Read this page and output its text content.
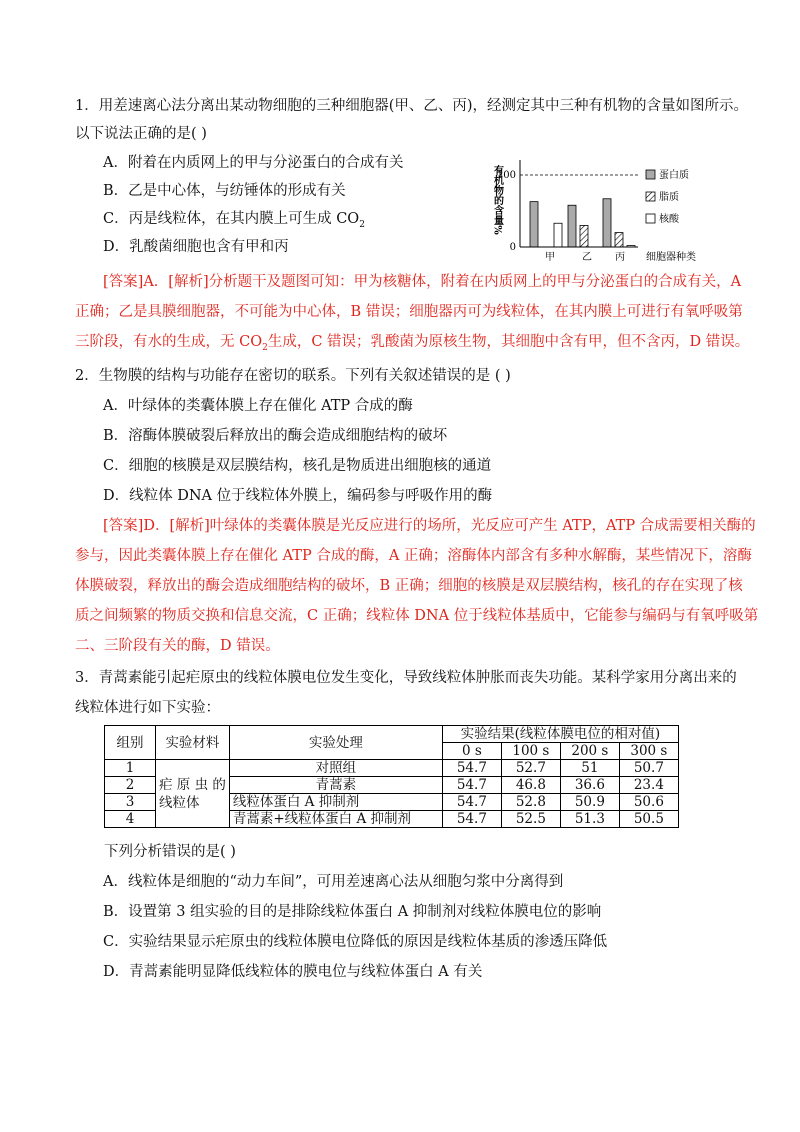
1．用差速离心法分离出某动物细胞的三种细胞器(甲、乙、丙)，经测定其中三种有机物的含量如图所示。
以下说法正确的是( )
A．附着在内质网上的甲与分泌蛋白的合成有关
B．乙是中心体，与纺锤体的形成有关
C．丙是线粒体，在其内膜上可生成 $CO_2$
D．乳酸菌细胞也含有甲和丙
100
0
有机物的含量%
甲	乙 丙 细胞器种类
蛋白质
脂质
核酸
[答案]A．[解析]分析题干及题图可知：甲为核糖体，附着在内质网上的甲与分泌蛋白的合成有关，A
正确；乙是具膜细胞器，不可能为中心体，B 错误；细胞器丙可为线粒体，在其内膜上可进行有氧呼吸第
三阶段，有水的生成，无 $CO_2$生成，C 错误；乳酸菌为原核生物，其细胞中含有甲，但不含丙，D 错误。
2．生物膜的结构与功能存在密切的联系。下列有关叙述错误的是 ( )
A．叶绿体的类囊体膜上存在催化 ATP 合成的酶
B．溶酶体膜破裂后释放出的酶会造成细胞结构的破坏
C．细胞的核膜是双层膜结构，核孔是物质进出细胞核的通道
D．线粒体 DNA 位于线粒体外膜上，编码参与呼吸作用的酶
[答案]D．[解析]叶绿体的类囊体膜是光反应进行的场所，光反应可产生 ATP，ATP 合成需要相关酶的
参与，因此类囊体膜上存在催化 ATP 合成的酶，A 正确；溶酶体内部含有多种水解酶，某些情况下，溶酶
体膜破裂，释放出的酶会造成细胞结构的破坏，B 正确；细胞的核膜是双层膜结构，核孔的存在实现了核
质之间频繁的物质交换和信息交流，C 正确；线粒体 DNA 位于线粒体基质中，它能参与编码与有氧呼吸第
二、三阶段有关的酶，D 错误。
3．青蒿素能引起疟原虫的线粒体膜电位发生变化，导致线粒体肿胀而丧失功能。某科学家用分离出来的
线粒体进行如下实验：
组别	实验材料	实验处理	实验结果(线粒体膜电位的相对值)			
			0 s	100 s	200 s	300 s
1	疟 原 虫 的
线粒体	对照组	54.7	52.7	51	50.7
2		青蒿素	54.7	46.8	36.6	23.4
3		线粒体蛋白 A 抑制剂	54.7	52.8	50.9	50.6
4		青蒿素+线粒体蛋白 A 抑制剂	54.7	52.5	51.3	50.5
下列分析错误的是( )
A．线粒体是细胞的“动力车间”，可用差速离心法从细胞匀浆中分离得到
B．设置第 3 组实验的目的是排除线粒体蛋白 A 抑制剂对线粒体膜电位的影响
C．实验结果显示疟原虫的线粒体膜电位降低的原因是线粒体基质的渗透压降低
D．青蒿素能明显降低线粒体的膜电位与线粒体蛋白 A 有关
